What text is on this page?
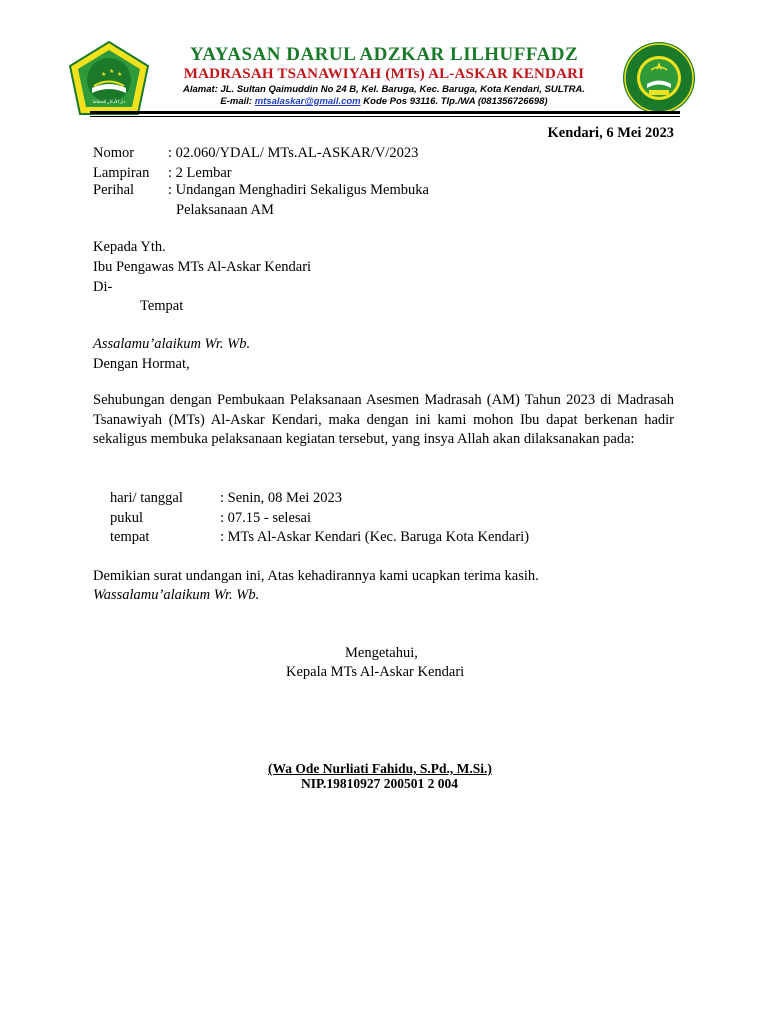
★ ★ ★
دار الأذكار للحفاظ
YAYASAN DARUL ADZKAR LILHUFFADZ
MADRASAH TSANAWIYAH (MTs) AL-ASKAR KENDARI
Alamat: JL. Sultan Qaimuddin No 24 B, Kel. Baruga, Kec. Baruga, Kota Kendari, SULTRA.
E-mail: mtsalaskar@gmail.com Kode Pos 93116. Tlp./WA (081356726698)
Kendari, 6 Mei 2023
Nomor : 02.060/YDAL/ MTs.AL-ASKAR/V/2023
Lampiran : 2 Lembar
Perihal : Undangan Menghadiri Sekaligus Membuka
Pelaksanaan AM
Kepada Yth.
Ibu Pengawas MTs Al-Askar Kendari
Di-
Tempat
Assalamu’alaikum Wr. Wb.
Dengan Hormat,
Sehubungan dengan Pembukaan Pelaksanaan Asesmen Madrasah (AM) Tahun 2023 di Madrasah Tsanawiyah (MTs) Al-Askar Kendari, maka dengan ini kami mohon Ibu dapat berkenan hadir sekaligus membuka pelaksanaan kegiatan tersebut, yang insya Allah akan dilaksanakan pada:
hari/ tanggal	: Senin, 08 Mei 2023
pukul	: 07.15 - selesai
tempat	: MTs Al-Askar Kendari (Kec. Baruga Kota Kendari)
Demikian surat undangan ini, Atas kehadirannya kami ucapkan terima kasih.
Wassalamu’alaikum Wr. Wb.
Mengetahui,
Kepala MTs Al-Askar Kendari
(Wa Ode Nurliati Fahidu, S.Pd., M.Si.)
NIP.19810927 200501 2 004
